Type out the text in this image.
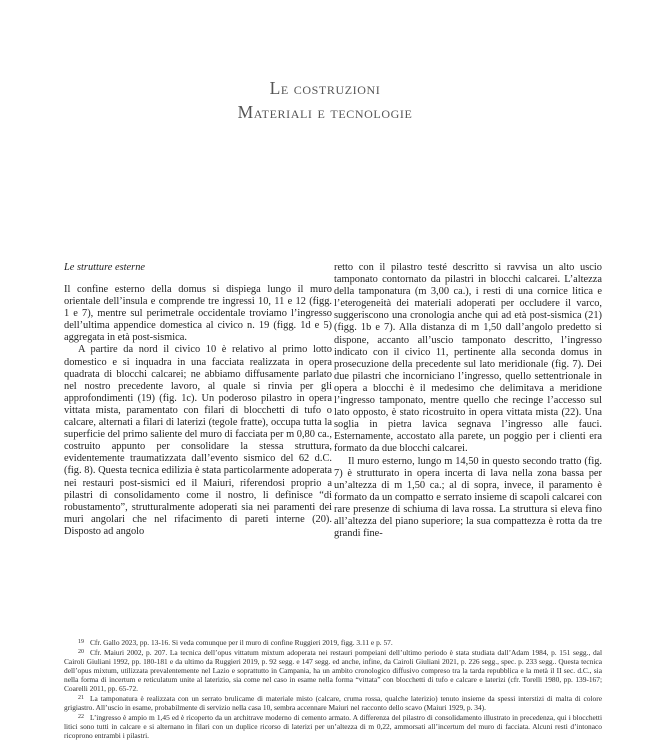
Le costruzioni
Materiali e tecnologie
Le strutture esterne

Il confine esterno della domus si dispiega lungo il muro orientale dell’insula e comprende tre ingressi 10, 11 e 12 (figg. 1 e 7), mentre sul perimetrale occidentale troviamo l’ingresso dell’ultima appendice domestica al civico n. 19 (figg. 1d e 5) aggregata in età post-sismica.

A partire da nord il civico 10 è relativo al primo lotto domestico e si inquadra in una facciata realizzata in opera quadrata di blocchi calcarei; ne abbiamo diffusamente parlato nel nostro precedente lavoro, al quale si rinvia per gli approfondimenti (19) (fig. 1c). Un poderoso pilastro in opera vittata mista, paramentato con filari di blocchetti di tufo o calcare, alternati a filari di laterizi (tegole fratte), occupa tutta la superficie del primo saliente del muro di facciata per m 0,80 ca., costruito appunto per consolidare la stessa struttura, evidentemente traumatizzata dall’evento sismico del 62 d.C. (fig. 8). Questa tecnica edilizia è stata particolarmente adoperata nei restauri post-sismici ed il Maiuri, riferendosi proprio a pilastri di consolidamento come il nostro, li definisce “di robustamento”, strutturalmente adoperati sia nei paramenti dei muri angolari che nel rifacimento di pareti interne (20). Disposto ad angolo

retto con il pilastro testé descritto si ravvisa un alto uscio tamponato contornato da pilastri in blocchi calcarei. L’altezza della tamponatura (m 3,00 ca.), i resti di una cornice litica e l’eterogeneità dei materiali adoperati per occludere il varco, suggeriscono una cronologia anche qui ad età post-sismica (21) (figg. 1b e 7). Alla distanza di m 1,50 dall’angolo predetto si dispone, accanto all’uscio tamponato descritto, l’ingresso indicato con il civico 11, pertinente alla seconda domus in prosecuzione della precedente sul lato meridionale (fig. 7). Dei due pilastri che incorniciano l’ingresso, quello settentrionale in opera a blocchi è il medesimo che delimitava a meridione l’ingresso tamponato, mentre quello che recinge l’accesso sul lato opposto, è stato ricostruito in opera vittata mista (22). Una soglia in pietra lavica segnava l’ingresso alle fauci. Esternamente, accostato alla parete, un poggio per i clienti era formato da due blocchi calcarei.

Il muro esterno, lungo m 14,50 in questo secondo tratto (fig. 7) è strutturato in opera incerta di lava nella zona bassa per un’altezza di m 1,50 ca.; al di sopra, invece, il paramento è formato da un compatto e serrato insieme di scapoli calcarei con rare presenze di schiuma di lava rossa. La struttura si eleva fino all’altezza del piano superiore; la sua compattezza è rotta da tre grandi fine-

$^{19}$ Cfr. Gallo 2023, pp. 13-16. Si veda comunque per il muro di confine Ruggieri 2019, figg. 3.11 e p. 57.

$^{20}$ Cfr. Maiuri 2002, p. 207. La tecnica dell’opus vittatum mixtum adoperata nei restauri pompeiani dell’ultimo periodo è stata studiata dall’Adam 1984, p. 151 segg., dal Cairoli Giuliani 1992, pp. 180-181 e da ultimo da Ruggieri 2019, p. 92 segg. e 147 segg. ed anche, infine, da Cairoli Giuliani 2021, p. 226 segg., spec. p. 233 segg.. Questa tecnica dell’opus mixtum, utilizzata prevalentemente nel Lazio e soprattutto in Campania, ha un ambito cronologico diffusivo compreso tra la tarda repubblica e la metà il II sec. d.C., sia nella forma di incertum e reticulatum unite al laterizio, sia come nel caso in esame nella forma “vittata” con blocchetti di tufo e calcare e laterizi (cfr. Torelli 1980, pp. 139-167; Coarelli 2011, pp. 65-72.

$^{21}$ La tamponatura è realizzata con un serrato brulicame di materiale misto (calcare, cruma rossa, qualche laterizio) tenuto insieme da spessi interstizi di malta di colore grigiastro. All’uscio in esame, probabilmente di servizio nella casa 10, sembra accennare Maiuri nel racconto dello scavo (Maiuri 1929, p. 34).

$^{22}$ L’ingresso è ampio m 1,45 ed è ricoperto da un architrave moderno di cemento armato. A differenza del pilastro di consolidamento illustrato in precedenza, qui i blocchetti litici sono tutti in calcare e si alternano in filari con un duplice ricorso di laterizi per un’altezza di m 0,22, ammorsati all’incertum del muro di facciata. Alcuni resti d’intonaco ricoprono entrambi i pilastri.
